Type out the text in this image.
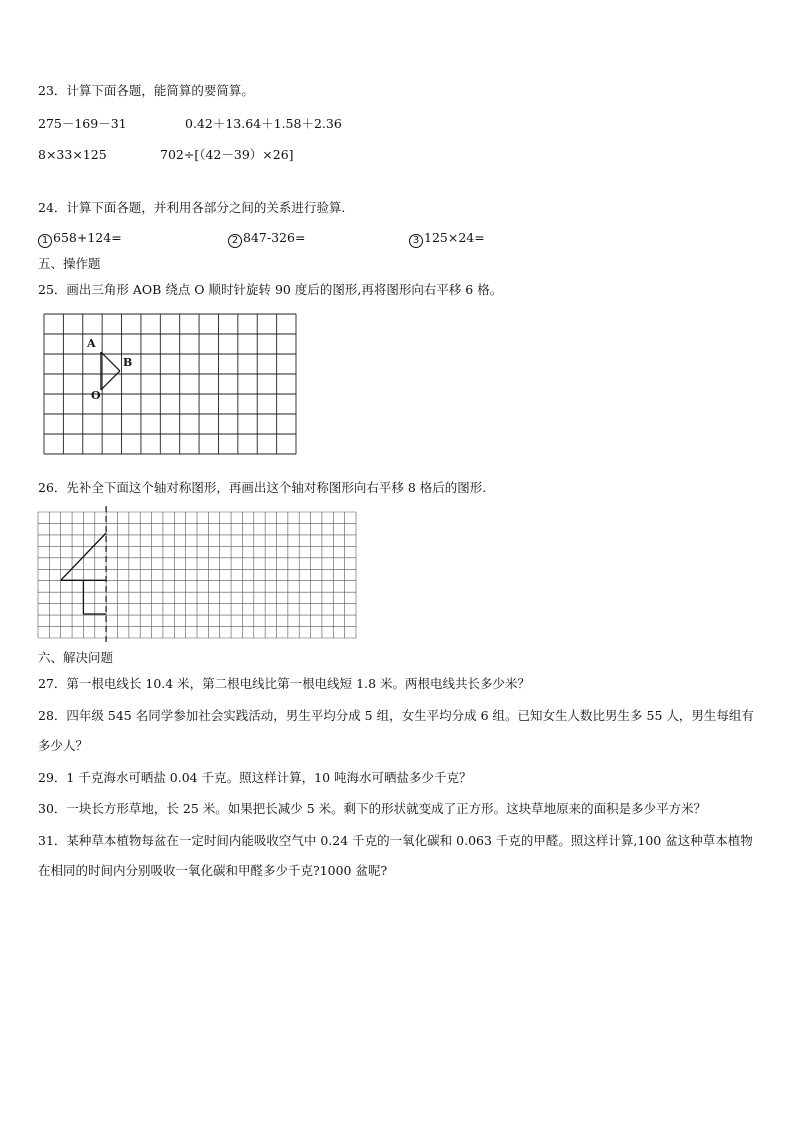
23．计算下面各题，能简算的要简算。
275－169－31	0.42＋13.64＋1.58＋2.36
8×33×125	702÷[（42－39）×26]
24．计算下面各题，并利用各部分之间的关系进行验算.
1 658+124=	2 847-326=	3 125×24=
五、操作题
25．画出三角形 AOB 绕点 O 顺时针旋转 90 度后的图形,再将图形向右平移 6 格。
A
B
O
26．先补全下面这个轴对称图形，再画出这个轴对称图形向右平移 8 格后的图形.
六、解决问题
27．第一根电线长 10.4 米，第二根电线比第一根电线短 1.8 米。两根电线共长多少米？
28．四年级 545 名同学参加社会实践活动，男生平均分成 5 组，女生平均分成 6 组。已知女生人数比男生多 55 人，男生每组有多少人？
29．1 千克海水可晒盐 0.04 千克。照这样计算，10 吨海水可晒盐多少千克？
30．一块长方形草地，长 25 米。如果把长减少 5 米。剩下的形状就变成了正方形。这块草地原来的面积是多少平方米？
31．某种草本植物每盆在一定时间内能吸收空气中 0.24 千克的一氧化碳和 0.063 千克的甲醛。照这样计算,100 盆这种草本植物在相同的时间内分别吸收一氧化碳和甲醛多少千克?1000 盆呢?
